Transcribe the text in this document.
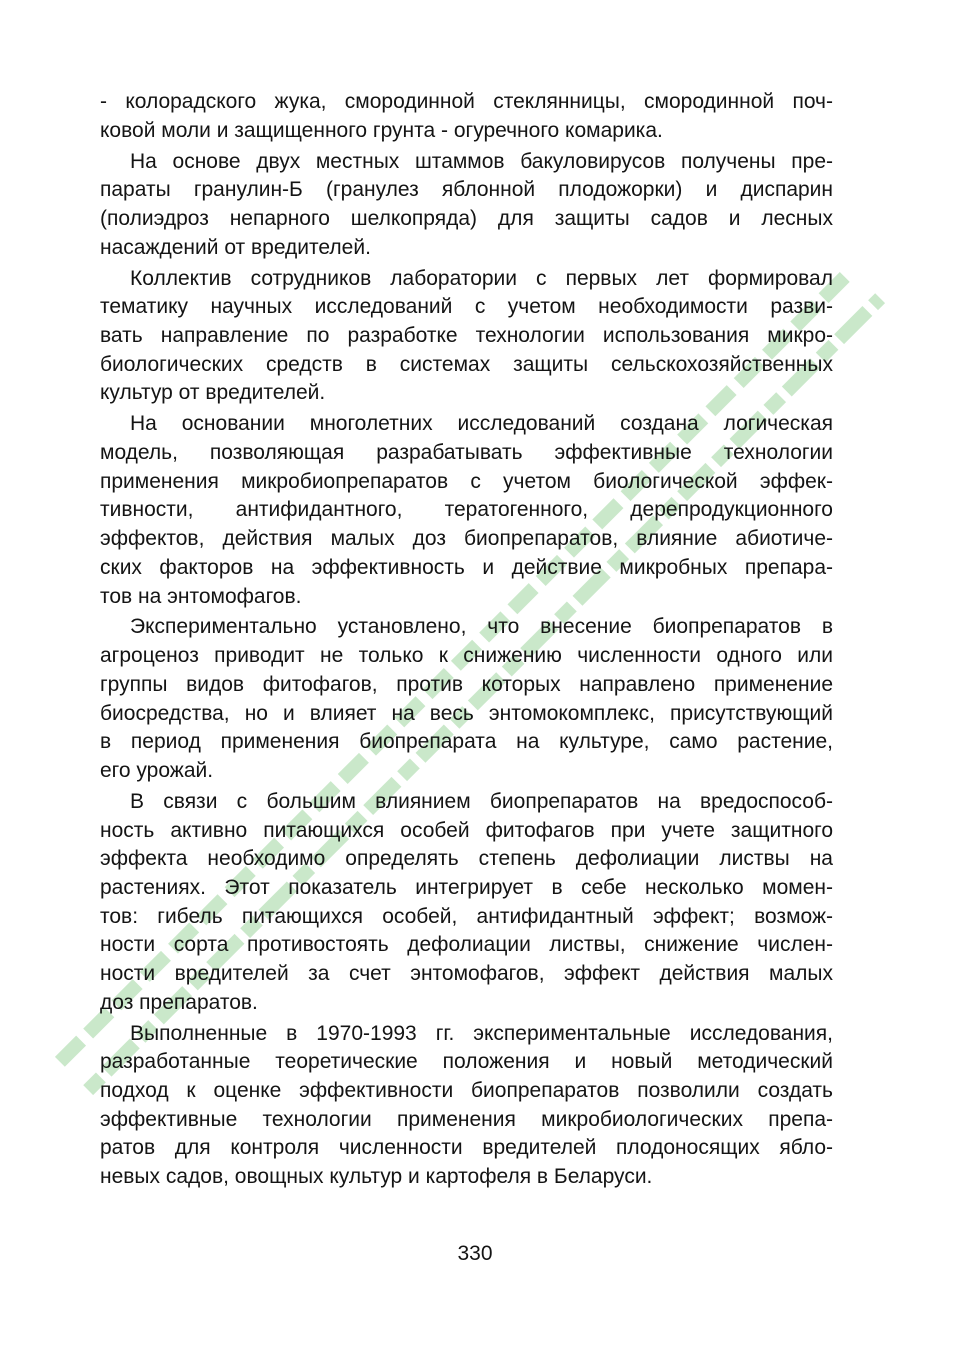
- колорадского жука, смородинной стеклянницы, смородинной поч-
ковой моли и защищенного грунта - огуречного комарика.
На основе двух местных штаммов бакуловирусов получены пре-
параты гранулин-Б (гранулез яблонной плодожорки) и диспарин
(полиэдроз непарного шелкопряда) для защиты садов и лесных
насаждений от вредителей.
Коллектив сотрудников лаборатории с первых лет формировал
тематику научных исследований с учетом необходимости разви-
вать направление по разработке технологии использования микро-
биологических средств в системах защиты сельскохозяйственных
культур от вредителей.
На основании многолетних исследований создана логическая
модель, позволяющая разрабатывать эффективные технологии
применения микробиопрепаратов с учетом биологической эффек-
тивности, антифидантного, тератогенного, дерепродукционного
эффектов, действия малых доз биопрепаратов, влияние абиотиче-
ских факторов на эффективность и действие микробных препара-
тов на энтомофагов.
Экспериментально установлено, что внесение биопрепаратов в
агроценоз приводит не только к снижению численности одного или
группы видов фитофагов, против которых направлено применение
биосредства, но и влияет на весь энтомокомплекс, присутствующий
в период применения биопрепарата на культуре, само растение,
его урожай.
В связи с большим влиянием биопрепаратов на вредоспособ-
ность активно питающихся особей фитофагов при учете защитного
эффекта необходимо определять степень дефолиации листвы на
растениях. Этот показатель интегрирует в себе несколько момен-
тов: гибель питающихся особей, антифидантный эффект; возмож-
ности сорта противостоять дефолиации листвы, снижение числен-
ности вредителей за счет энтомофагов, эффект действия малых
доз препаратов.
Выполненные в 1970-1993 гг. экспериментальные исследования,
разработанные теоретические положения и новый методический
подход к оценке эффективности биопрепаратов позволили создать
эффективные технологии применения микробиологических препа-
ратов для контроля численности вредителей плодоносящих ябло-
невых садов, овощных культур и картофеля в Беларуси.
330
